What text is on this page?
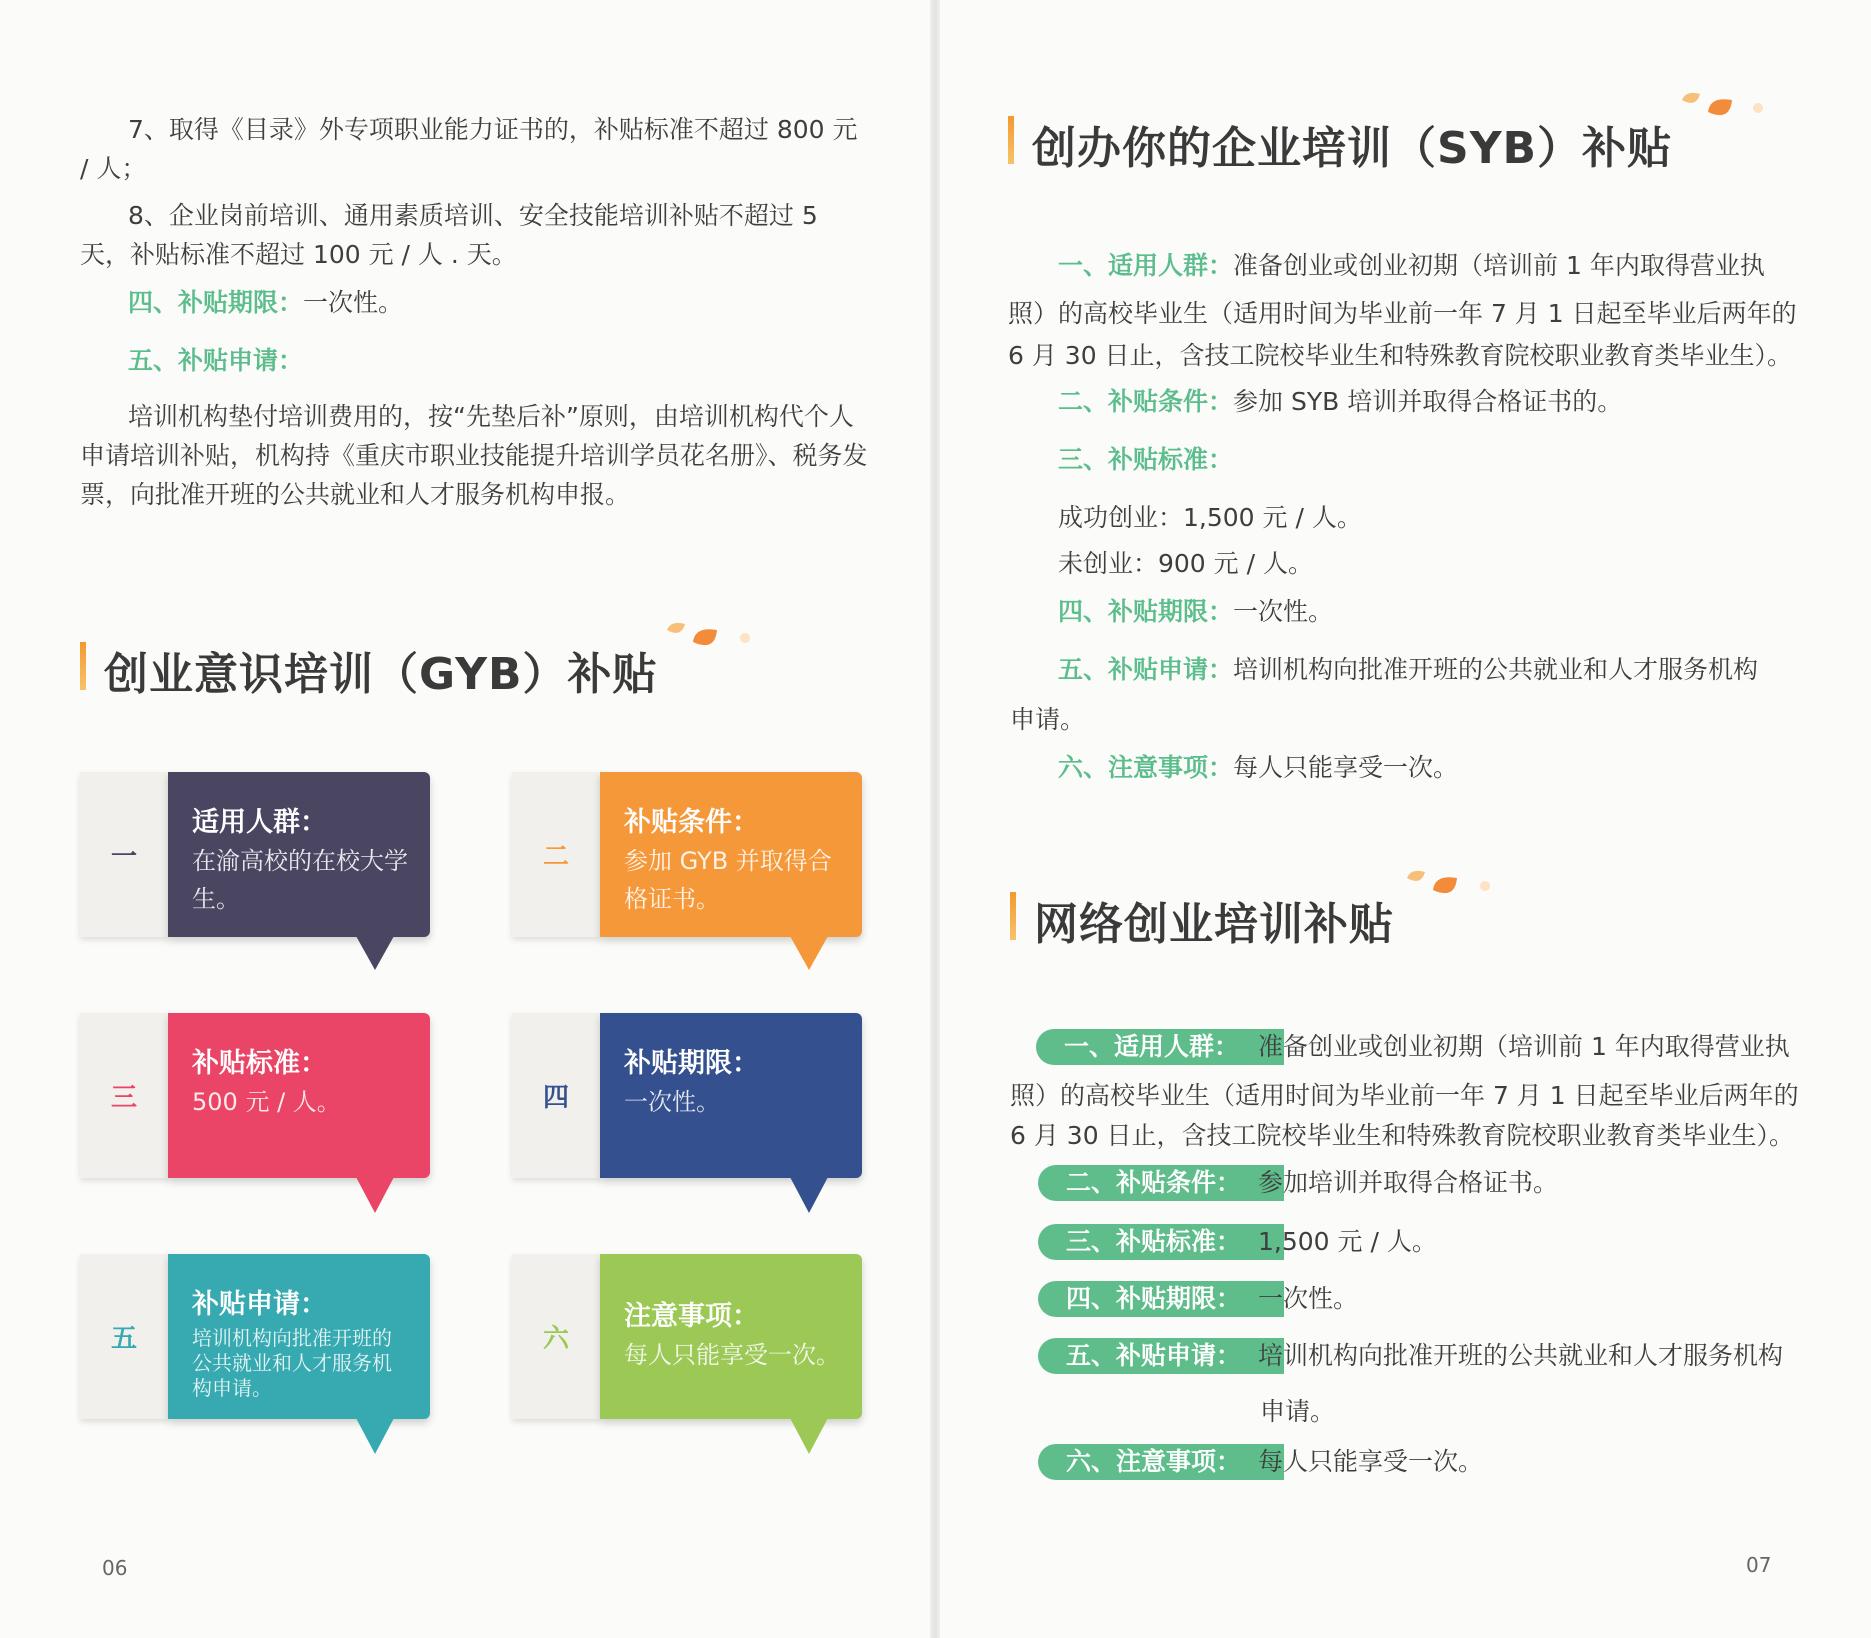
7、取得《目录》外专项职业能力证书的，补贴标准不超过 800 元 / 人；

8、企业岗前培训、通用素质培训、安全技能培训补贴不超过 5 天，补贴标准不超过 100 元 / 人 . 天。

四、补贴期限：一次性。
五、补贴申请：

培训机构垫付培训费用的，按“先垫后补”原则，由培训机构代个人申请培训补贴，机构持《重庆市职业技能提升培训学员花名册》、税务发票，向批准开班的公共就业和人才服务机构申报。

创业意识培训（GYB）补贴
一
适用人群：
在渝高校的在校大学生。
二
补贴条件：
参加 GYB 并取得合格证书。
三
补贴标准：
500 元 / 人。	四
补贴期限：
一次性。
五
补贴申请：
培训机构向批准开班的公共就业和人才服务机构申请。
六
注意事项：
每人只能享受一次。
06
创办你的企业培训（SYB）补贴
一、适用人群：准备创业或创业初期（培训前 1 年内取得营业执
照）的高校毕业生（适用时间为毕业前一年 7 月 1 日起至毕业后两年的
6 月 30 日止，含技工院校毕业生和特殊教育院校职业教育类毕业生）。
二、补贴条件：参加 SYB 培训并取得合格证书的。
三、补贴标准：
成功创业：1,500 元 / 人。
未创业：900 元 / 人。
四、补贴期限：一次性。
五、补贴申请：培训机构向批准开班的公共就业和人才服务机构
申请。
六、注意事项：每人只能享受一次。
网络创业培训补贴
一、适用人群： 准备创业或创业初期（培训前 1 年内取得营业执
照）的高校毕业生（适用时间为毕业前一年 7 月 1 日起至毕业后两年的
6 月 30 日止，含技工院校毕业生和特殊教育院校职业教育类毕业生）。
二、补贴条件： 参加培训并取得合格证书。
三、补贴标准： 1,500 元 / 人。
四、补贴期限： 一次性。
五、补贴申请： 培训机构向批准开班的公共就业和人才服务机构
申请。
六、注意事项： 每人只能享受一次。
07
